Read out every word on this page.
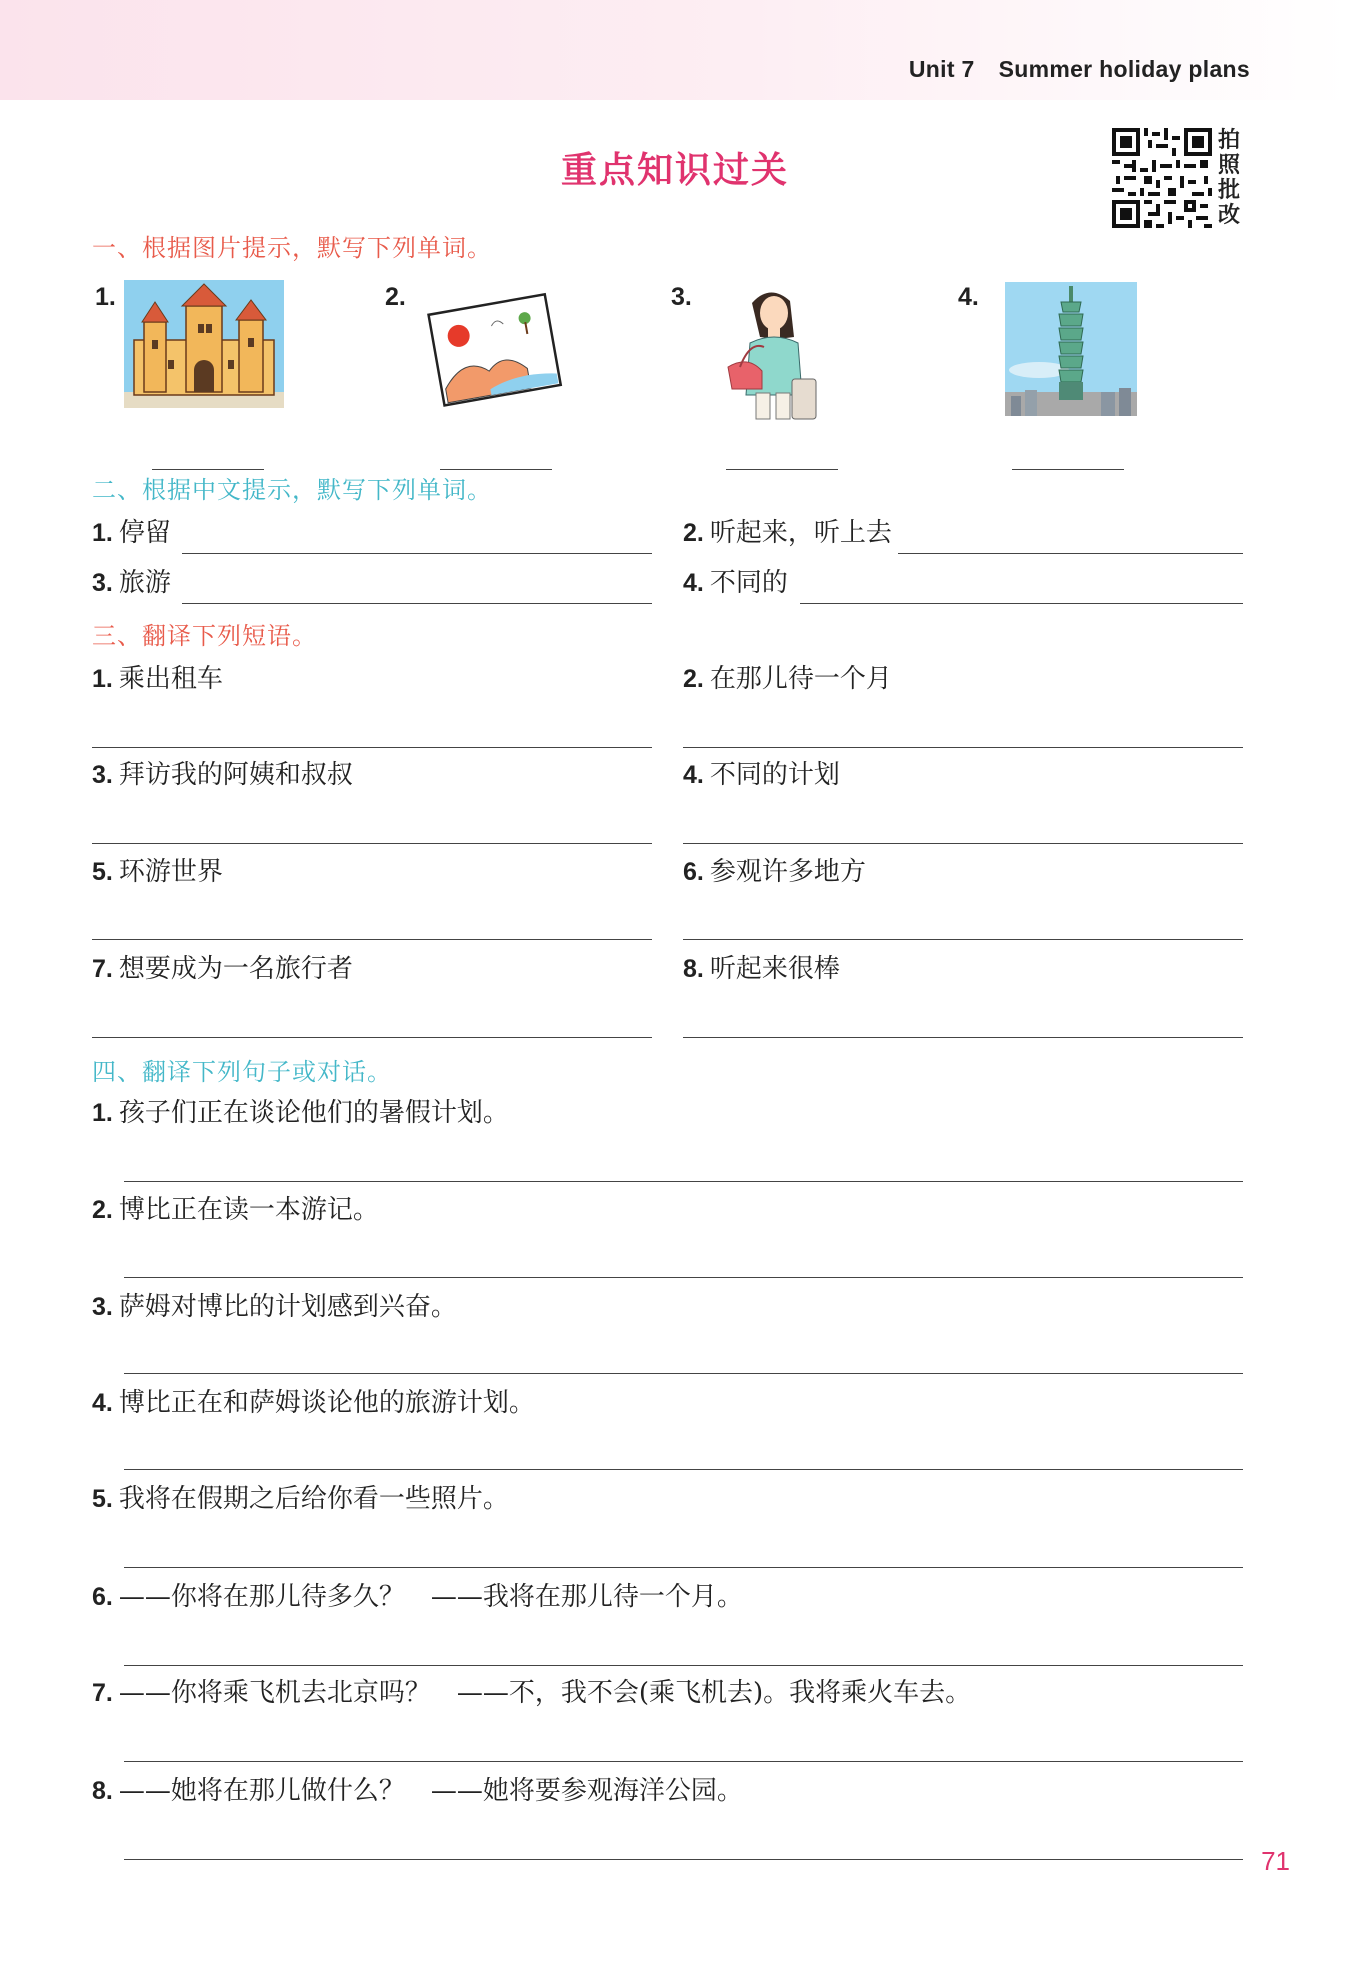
Unit 7 Summer holiday plans
重点知识过关
拍
照
批
改
一、根据图片提示，默写下列单词。
1.	2.	3.	4.
二、根据中文提示，默写下列单词。
1. 停留	2. 听起来，听上去
3. 旅游	4. 不同的
三、翻译下列短语。
1. 乘出租车	2. 在那儿待一个月
3. 拜访我的阿姨和叔叔	4. 不同的计划
5. 环游世界	6. 参观许多地方
7. 想要成为一名旅行者	8. 听起来很棒
四、翻译下列句子或对话。
1. 孩子们正在谈论他们的暑假计划。
2. 博比正在读一本游记。
3. 萨姆对博比的计划感到兴奋。
4. 博比正在和萨姆谈论他的旅游计划。
5. 我将在假期之后给你看一些照片。
6. ——你将在那儿待多久？　——我将在那儿待一个月。
7. ——你将乘飞机去北京吗？　——不，我不会(乘飞机去)。我将乘火车去。
8. ——她将在那儿做什么？　——她将要参观海洋公园。
71
